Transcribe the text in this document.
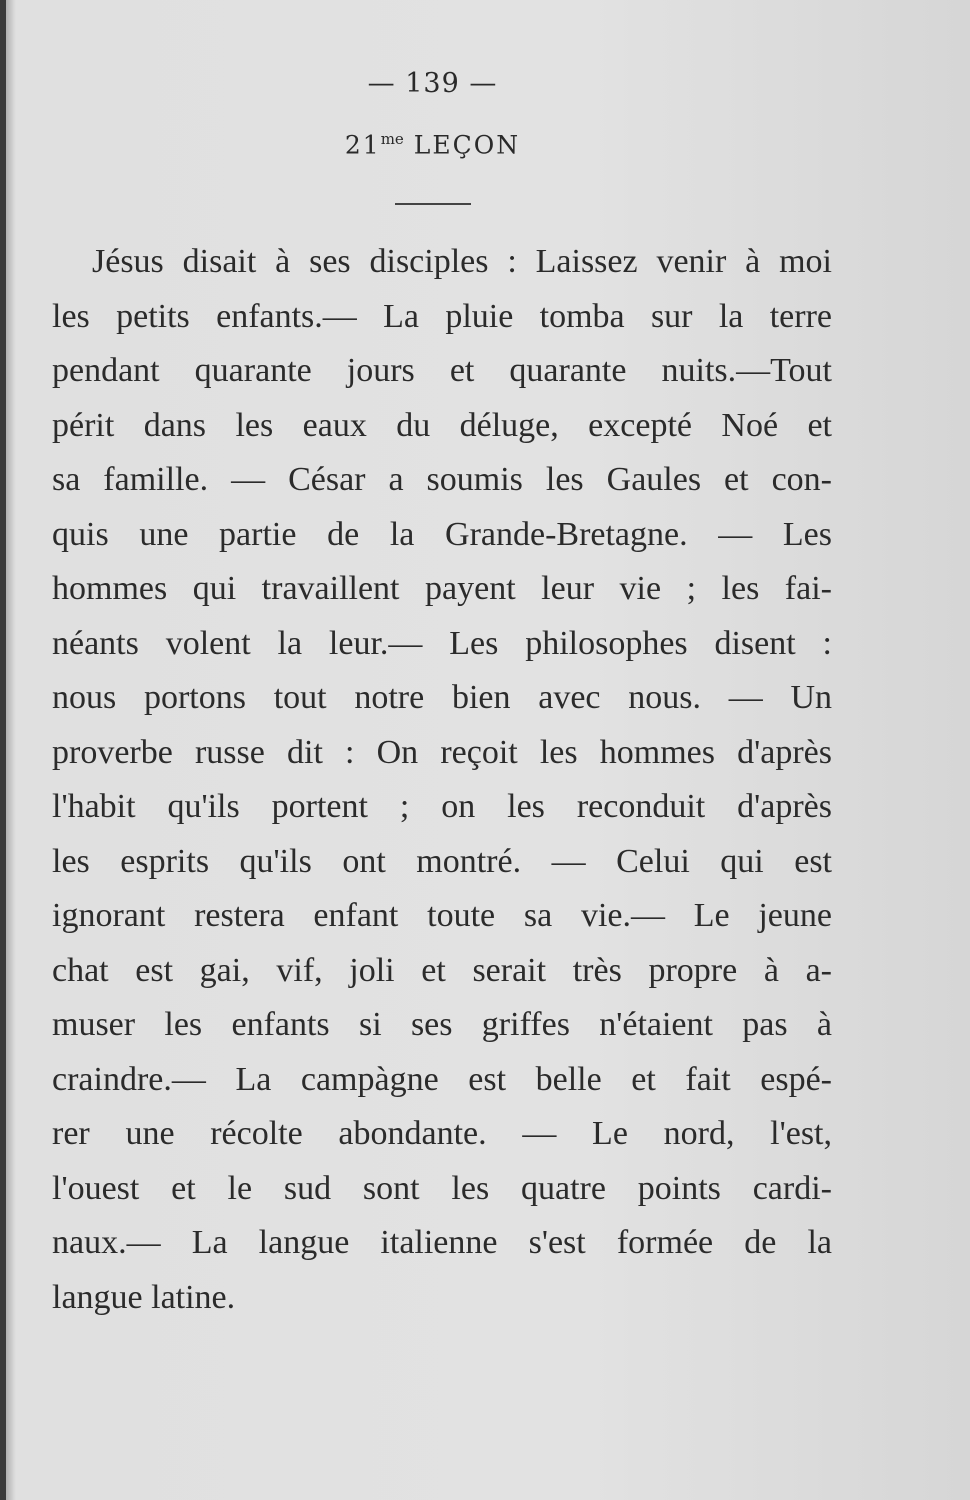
— 139 —
$21^{me}$ LEÇON
Jésus disait à ses disciples : Laissez venir à moi
les petits enfants.— La pluie tomba sur la terre
pendant quarante jours et quarante nuits.—Tout
périt dans les eaux du déluge, excepté Noé et
sa famille. — César a soumis les Gaules et con-
quis une partie de la Grande-Bretagne. — Les
hommes qui travaillent payent leur vie ; les fai-
néants volent la leur.— Les philosophes disent :
nous portons tout notre bien avec nous. — Un
proverbe russe dit : On reçoit les hommes d'après
l'habit qu'ils portent ; on les reconduit d'après
les esprits qu'ils ont montré. — Celui qui est
ignorant restera enfant toute sa vie.— Le jeune
chat est gai, vif, joli et serait très propre à a-
muser les enfants si ses griffes n'étaient pas à
craindre.— La campàgne est belle et fait espé-
rer une récolte abondante. — Le nord, l'est,
l'ouest et le sud sont les quatre points cardi-
naux.— La langue italienne s'est formée de la
langue latine.
